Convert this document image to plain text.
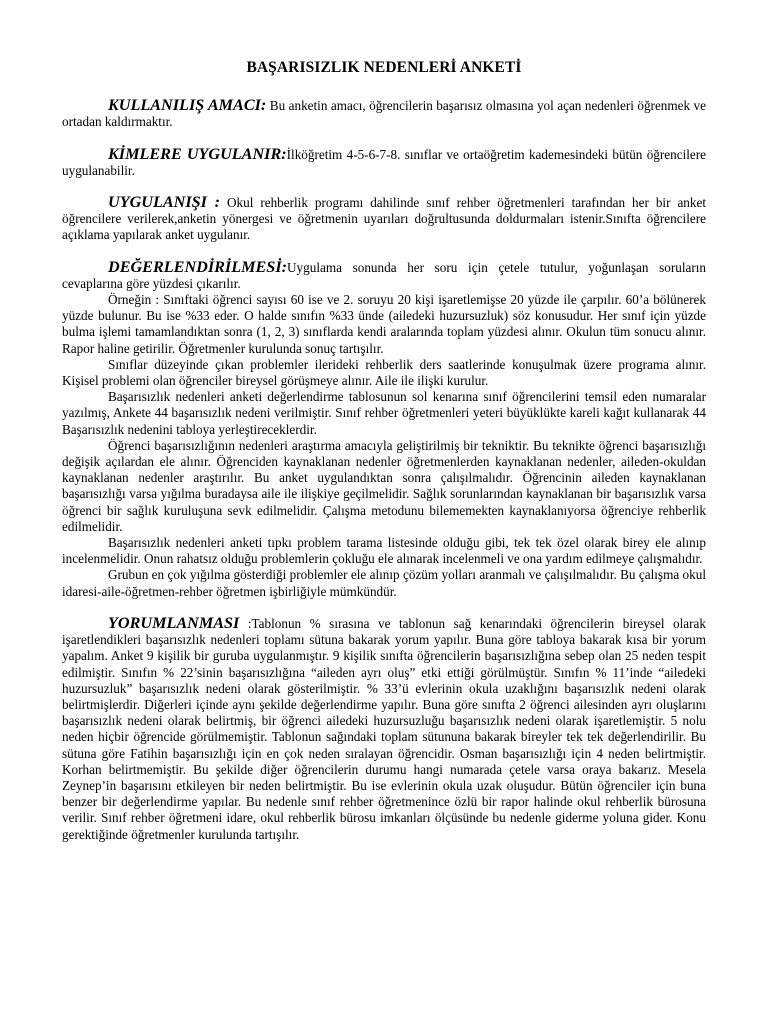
BAŞARISIZLIK NEDENLERİ ANKETİ
KULLANILIŞ AMACI: Bu anketin amacı, öğrencilerin başarısız olmasına yol açan nedenleri öğrenmek ve ortadan kaldırmaktır.
KİMLERE UYGULANIR:İlköğretim 4-5-6-7-8. sınıflar ve ortaöğretim kademesindeki bütün öğrencilere uygulanabilir.
UYGULANIŞI : Okul rehberlik programı dahilinde sınıf rehber öğretmenleri tarafından her bir anket öğrencilere verilerek,anketin yönergesi ve öğretmenin uyarıları doğrultusunda doldurmaları istenir.Sınıfta öğrencilere açıklama yapılarak anket uygulanır.

DEĞERLENDİRİLMESİ:Uygulama sonunda her soru için çetele tutulur, yoğunlaşan soruların cevaplarına göre yüzdesi çıkarılır.

Örneğin : Sınıftaki öğrenci sayısı 60 ise ve 2. soruyu 20 kişi işaretlemişse 20 yüzde ile çarpılır. 60’a bölünerek yüzde bulunur. Bu ise %33 eder. O halde sınıfın %33 ünde (ailedeki huzursuzluk) söz konusudur. Her sınıf için yüzde bulma işlemi tamamlandıktan sonra (1, 2, 3) sınıflarda kendi aralarında toplam yüzdesi alınır. Okulun tüm sonucu alınır. Rapor haline getirilir. Öğretmenler kurulunda sonuç tartışılır.

Sınıflar düzeyinde çıkan problemler ilerideki rehberlik ders saatlerinde konuşulmak üzere programa alınır. Kişisel problemi olan öğrenciler bireysel görüşmeye alınır. Aile ile ilişki kurulur.

Başarısızlık nedenleri anketi değerlendirme tablosunun sol kenarına sınıf öğrencilerini temsil eden numaralar yazılmış, Ankete 44 başarısızlık nedeni verilmiştir. Sınıf rehber öğretmenleri yeteri büyüklükte kareli kağıt kullanarak 44 Başarısızlık nedenini tabloya yerleştireceklerdir.

Öğrenci başarısızlığının nedenleri araştırma amacıyla geliştirilmiş bir tekniktir. Bu teknikte öğrenci başarısızlığı değişik açılardan ele alınır. Öğrenciden kaynaklanan nedenler öğretmenlerden kaynaklanan nedenler, aileden-okuldan kaynaklanan nedenler araştırılır. Bu anket uygulandıktan sonra çalışılmalıdır. Öğrencinin aileden kaynaklanan başarısızlığı varsa yığılma buradaysa aile ile ilişkiye geçilmelidir. Sağlık sorunlarından kaynaklanan bir başarısızlık varsa öğrenci bir sağlık kuruluşuna sevk edilmelidir. Çalışma metodunu bilememekten kaynaklanıyorsa öğrenciye rehberlik edilmelidir.

Başarısızlık nedenleri anketi tıpkı problem tarama listesinde olduğu gibi, tek tek özel olarak birey ele alınıp incelenmelidir. Onun rahatsız olduğu problemlerin çokluğu ele alınarak incelenmeli ve ona yardım edilmeye çalışmalıdır.

Grubun en çok yığılma gösterdiği problemler ele alınıp çözüm yolları aranmalı ve çalışılmalıdır. Bu çalışma okul idaresi-aile-öğretmen-rehber öğretmen işbirliğiyle mümkündür.

YORUMLANMASI :Tablonun % sırasına ve tablonun sağ kenarındaki öğrencilerin bireysel olarak işaretlendikleri başarısızlık nedenleri toplamı sütuna bakarak yorum yapılır. Buna göre tabloya bakarak kısa bir yorum yapalım. Anket 9 kişilik bir guruba uygulanmıştır. 9 kişilik sınıfta öğrencilerin başarısızlığına sebep olan 25 neden tespit edilmiştir. Sınıfın % 22’sinin başarısızlığına “aileden ayrı oluş” etki ettiği görülmüştür. Sınıfın % 11’inde “ailedeki huzursuzluk” başarısızlık nedeni olarak gösterilmiştir. % 33’ü evlerinin okula uzaklığını başarısızlık nedeni olarak belirtmişlerdir. Diğerleri içinde aynı şekilde değerlendirme yapılır. Buna göre sınıfta 2 öğrenci ailesinden ayrı oluşlarını başarısızlık nedeni olarak belirtmiş, bir öğrenci ailedeki huzursuzluğu başarısızlık nedeni olarak işaretlemiştir. 5 nolu neden hiçbir öğrencide görülmemiştir. Tablonun sağındaki toplam sütununa bakarak bireyler tek tek değerlendirilir. Bu sütuna göre Fatihin başarısızlığı için en çok neden sıralayan öğrencidir. Osman başarısızlığı için 4 neden belirtmiştir. Korhan belirtmemiştir. Bu şekilde diğer öğrencilerin durumu hangi numarada çetele varsa oraya bakarız. Mesela Zeynep’in başarısını etkileyen bir neden belirtmiştir. Bu ise evlerinin okula uzak oluşudur. Bütün öğrenciler için buna benzer bir değerlendirme yapılar. Bu nedenle sınıf rehber öğretmenince özlü bir rapor halinde okul rehberlik bürosuna verilir. Sınıf rehber öğretmeni idare, okul rehberlik bürosu imkanları ölçüsünde bu nedenle giderme yoluna gider. Konu gerektiğinde öğretmenler kurulunda tartışılır.
